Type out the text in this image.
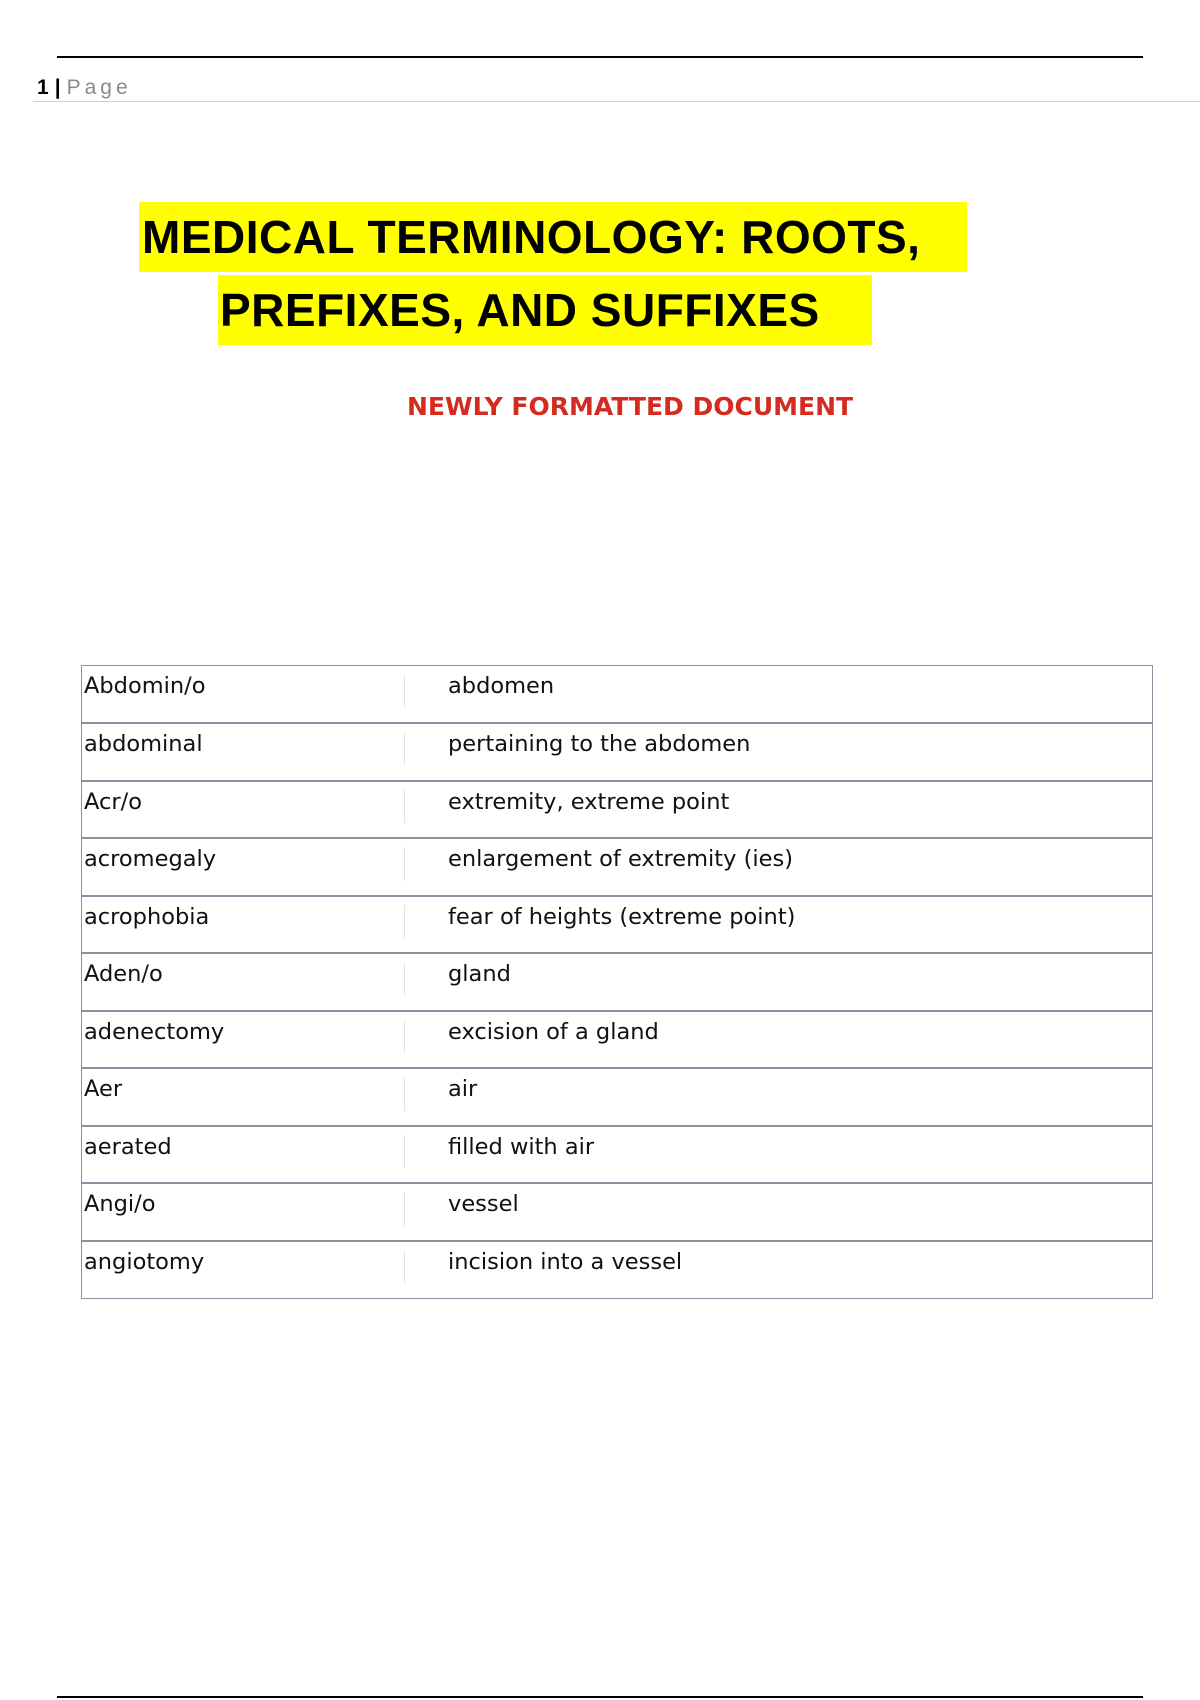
1 | Page
MEDICAL TERMINOLOGY: ROOTS,
PREFIXES, AND SUFFIXES
NEWLY FORMATTED DOCUMENT
Abdomin/o	abdomen
abdominal	pertaining to the abdomen
Acr/o	extremity, extreme point
acromegaly	enlargement of extremity (ies)
acrophobia	fear of heights (extreme point)
Aden/o	gland
adenectomy	excision of a gland
Aer	air
aerated	filled with air
Angi/o	vessel
angiotomy	incision into a vessel
